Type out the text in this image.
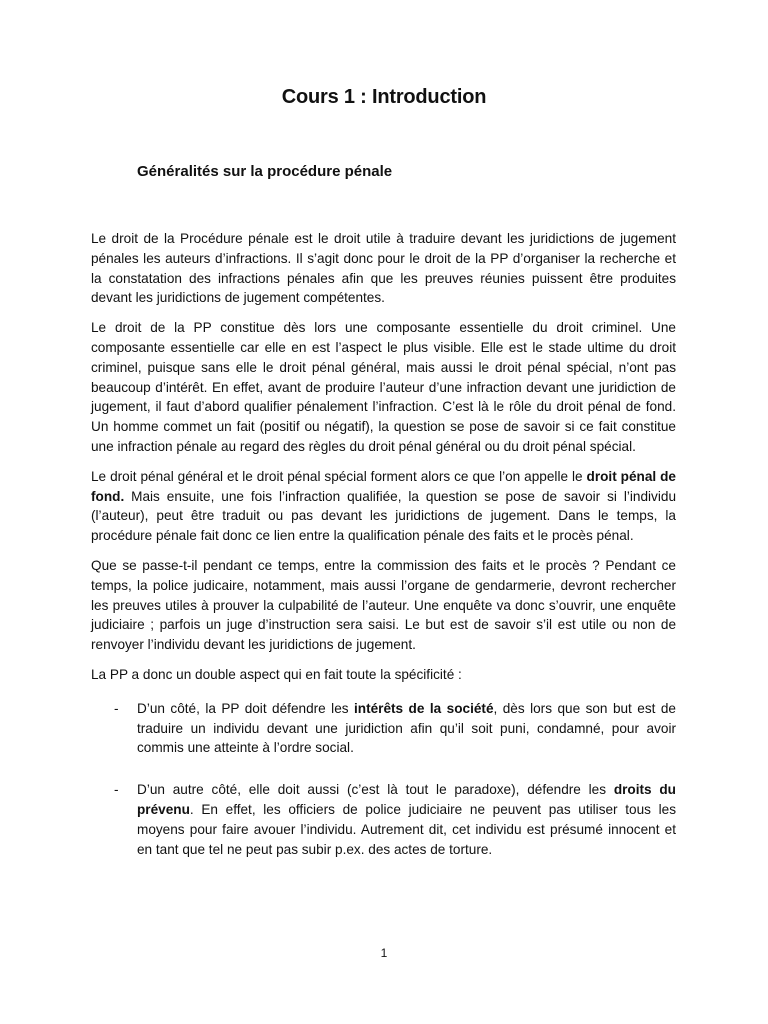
Cours 1 : Introduction
Généralités sur la procédure pénale

Le droit de la Procédure pénale est le droit utile à traduire devant les juridictions de jugement pénales les auteurs d’infractions. Il s’agit donc pour le droit de la PP d’organiser la recherche et la constatation des infractions pénales afin que les preuves réunies puissent être produites devant les juridictions de jugement compétentes.

Le droit de la PP constitue dès lors une composante essentielle du droit criminel. Une composante essentielle car elle en est l’aspect le plus visible. Elle est le stade ultime du droit criminel, puisque sans elle le droit pénal général, mais aussi le droit pénal spécial, n’ont pas beaucoup d’intérêt. En effet, avant de produire l’auteur d’une infraction devant une juridiction de jugement, il faut d’abord qualifier pénalement l’infraction. C’est là le rôle du droit pénal de fond. Un homme commet un fait (positif ou négatif), la question se pose de savoir si ce fait constitue une infraction pénale au regard des règles du droit pénal général ou du droit pénal spécial.

Le droit pénal général et le droit pénal spécial forment alors ce que l’on appelle le droit pénal de fond. Mais ensuite, une fois l’infraction qualifiée, la question se pose de savoir si l’individu (l’auteur), peut être traduit ou pas devant les juridictions de jugement. Dans le temps, la procédure pénale fait donc ce lien entre la qualification pénale des faits et le procès pénal.

Que se passe-t-il pendant ce temps, entre la commission des faits et le procès ? Pendant ce temps, la police judicaire, notamment, mais aussi l’organe de gendarmerie, devront rechercher les preuves utiles à prouver la culpabilité de l’auteur. Une enquête va donc s’ouvrir, une enquête judiciaire ; parfois un juge d’instruction sera saisi. Le but est de savoir s’il est utile ou non de renvoyer l’individu devant les juridictions de jugement.

La PP a donc un double aspect qui en fait toute la spécificité :

- D’un côté, la PP doit défendre les intérêts de la société, dès lors que son but est de traduire un individu devant une juridiction afin qu’il soit puni, condamné, pour avoir commis une atteinte à l’ordre social.
- D’un autre côté, elle doit aussi (c’est là tout le paradoxe), défendre les droits du prévenu. En effet, les officiers de police judiciaire ne peuvent pas utiliser tous les moyens pour faire avouer l’individu. Autrement dit, cet individu est présumé innocent et en tant que tel ne peut pas subir p.ex. des actes de torture.
1
